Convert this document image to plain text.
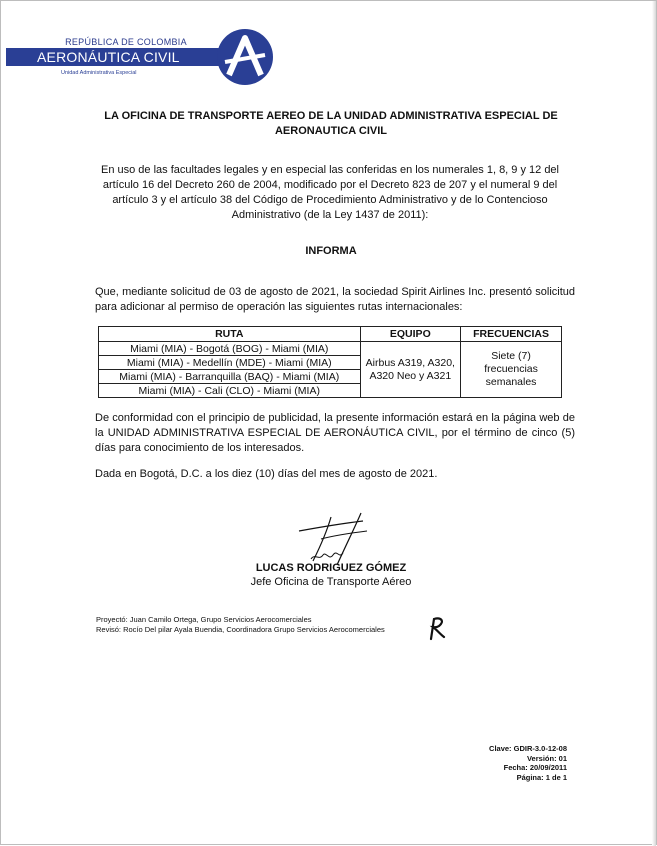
REPÚBLICA DE COLOMBIA
AERONÁUTICA CIVIL
Unidad Administrativa Especial
LA OFICINA DE TRANSPORTE AEREO DE LA UNIDAD ADMINISTRATIVA ESPECIAL DE AERONAUTICA CIVIL
En uso de las facultades legales y en especial las conferidas en los numerales 1, 8, 9 y 12 del artículo 16 del Decreto 260 de 2004, modificado por el Decreto 823 de 207 y el numeral 9 del artículo 3 y el artículo 38 del Código de Procedimiento Administrativo y de lo Contencioso Administrativo (de la Ley 1437 de 2011):
INFORMA
Que, mediante solicitud de 03 de agosto de 2021, la sociedad Spirit Airlines Inc. presentó solicitud para adicionar al permiso de operación las siguientes rutas internacionales:
RUTA	EQUIPO	FRECUENCIAS
Miami (MIA) - Bogotá (BOG) - Miami (MIA)	Airbus A319, A320, A320 Neo y A321	Siete (7) frecuencias semanales
Miami (MIA) - Medellín (MDE) - Miami (MIA)		
Miami (MIA) - Barranquilla (BAQ) - Miami (MIA)		
Miami (MIA) - Cali (CLO) - Miami (MIA)		
De conformidad con el principio de publicidad, la presente información estará en la página web de la UNIDAD ADMINISTRATIVA ESPECIAL DE AERONÁUTICA CIVIL, por el término de cinco (5) días para conocimiento de los interesados.
Dada en Bogotá, D.C. a los diez (10) días del mes de agosto de 2021.
LUCAS RODRIGUEZ GÓMEZ
Jefe Oficina de Transporte Aéreo
Proyectó: Juan Camilo Ortega, Grupo Servicios Aerocomerciales
Revisó: Rocío Del pilar Ayala Buendia, Coordinadora Grupo Servicios Aerocomerciales
Clave: GDIR-3.0-12-08
Versión: 01
Fecha: 20/09/2011
Página: 1 de 1
